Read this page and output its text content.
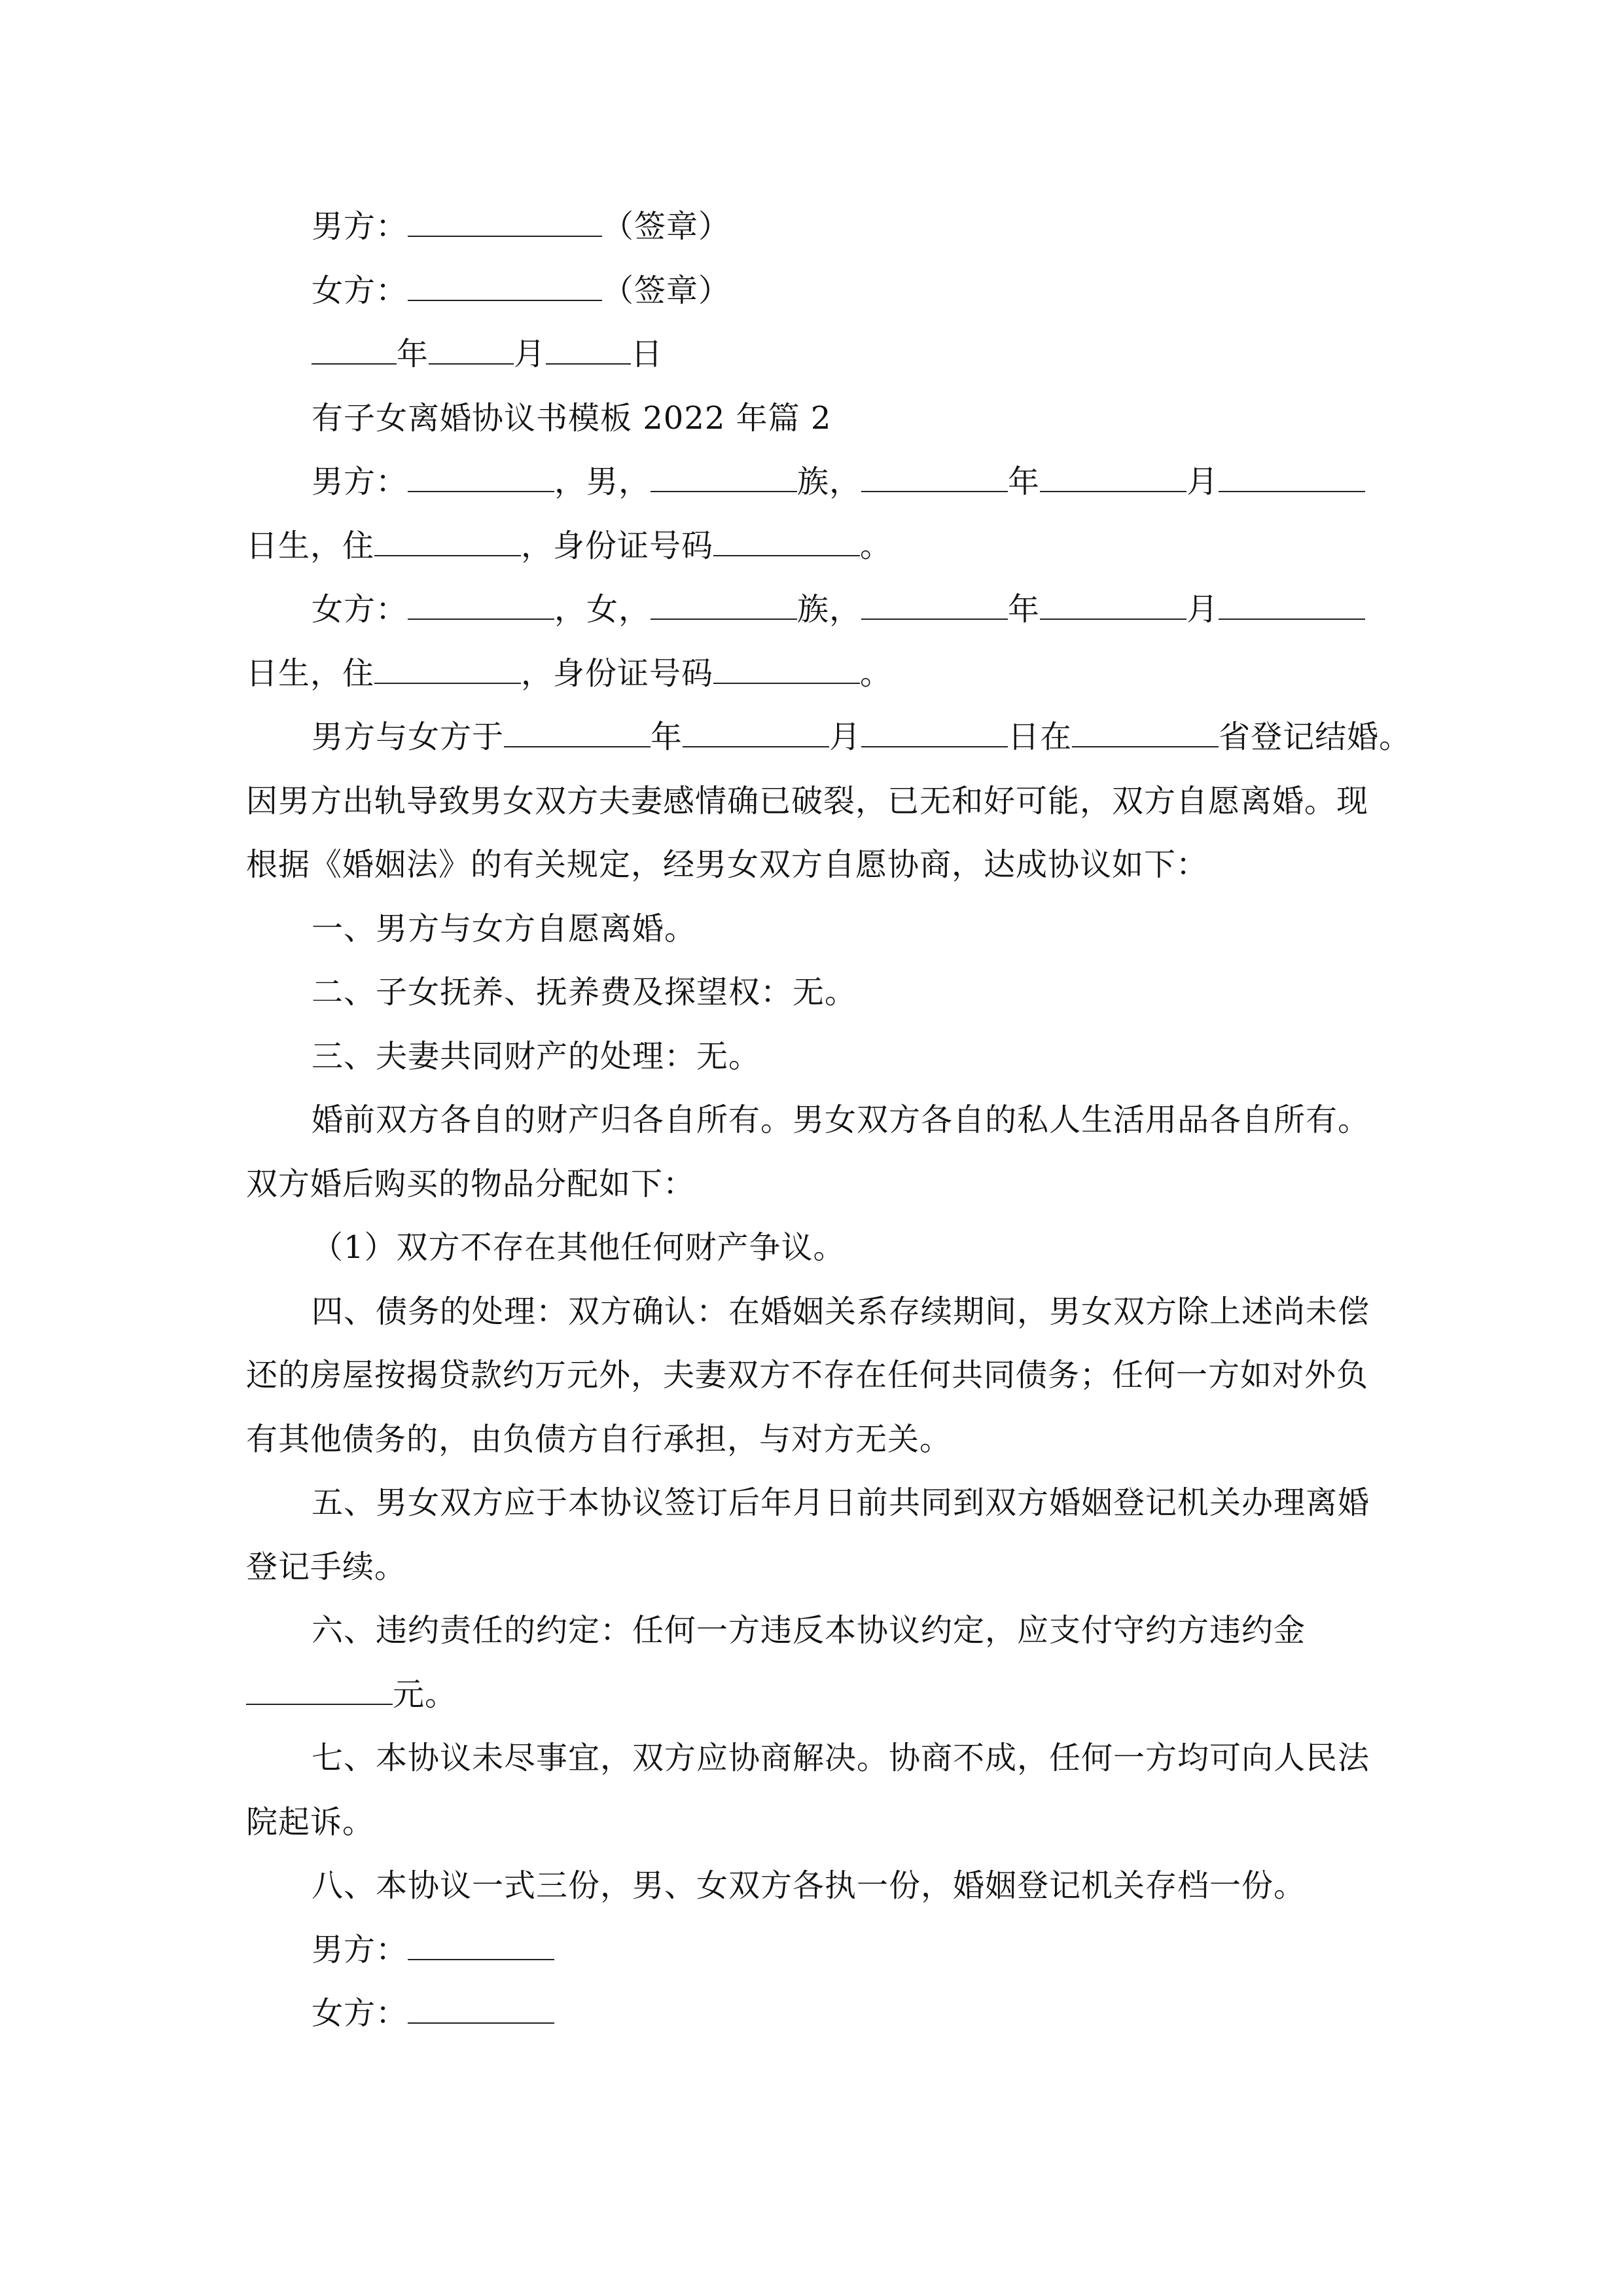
男方：	（签章）
女方：	（签章）
年	月	日
有子女离婚协议书模板 2022 年篇 2
男方：	，男，	族，	年	月
日生，住	，身份证号码	。
女方：	，女，	族，	年	月
日生，住	，身份证号码	。
男方与女方于	年	月	日在	省登记结婚。
因男方出轨导致男女双方夫妻感情确已破裂，已无和好可能，双方自愿离婚。现
根据《婚姻法》的有关规定，经男女双方自愿协商，达成协议如下：
一、男方与女方自愿离婚。
二、子女抚养、抚养费及探望权：无。
三、夫妻共同财产的处理：无。
婚前双方各自的财产归各自所有。男女双方各自的私人生活用品各自所有。
双方婚后购买的物品分配如下：
（1）双方不存在其他任何财产争议。
四、债务的处理：双方确认：在婚姻关系存续期间，男女双方除上述尚未偿
还的房屋按揭贷款约万元外，夫妻双方不存在任何共同债务；任何一方如对外负
有其他债务的，由负债方自行承担，与对方无关。
五、男女双方应于本协议签订后年月日前共同到双方婚姻登记机关办理离婚
登记手续。
六、违约责任的约定：任何一方违反本协议约定，应支付守约方违约金
元。
七、本协议未尽事宜，双方应协商解决。协商不成，任何一方均可向人民法
院起诉。
八、本协议一式三份，男、女双方各执一份，婚姻登记机关存档一份。
男方：
女方：
